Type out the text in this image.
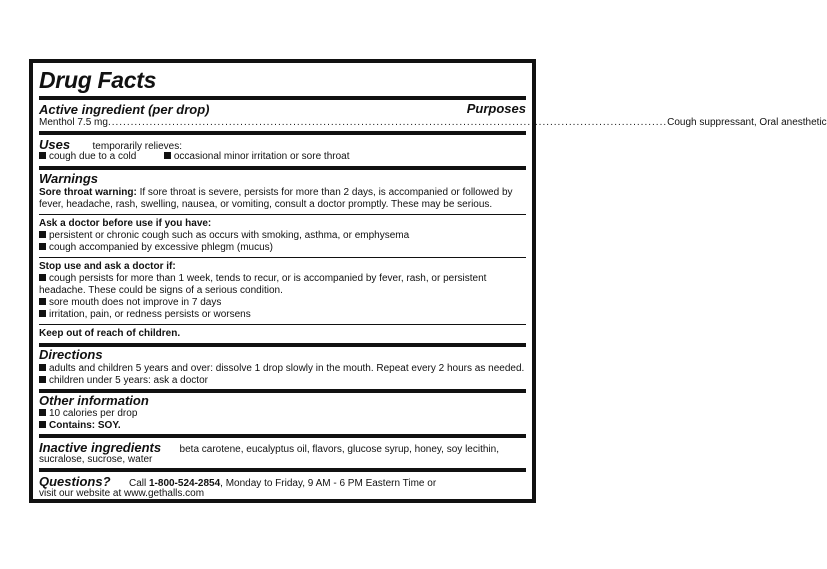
Drug Facts
Active ingredient (per drop)	Purposes
Menthol 7.5 mg .................................................................................................................................................... Cough suppressant, Oral anesthetic
Uses temporarily relieves:
cough due to a cold	occasional minor irritation or sore throat
Warnings
Sore throat warning: If sore throat is severe, persists for more than 2 days, is accompanied or followed by
fever, headache, rash, swelling, nausea, or vomiting, consult a doctor promptly. These may be serious.
Ask a doctor before use if you have:
persistent or chronic cough such as occurs with smoking, asthma, or emphysema
cough accompanied by excessive phlegm (mucus)
Stop use and ask a doctor if:
cough persists for more than 1 week, tends to recur, or is accompanied by fever, rash, or persistent
headache. These could be signs of a serious condition.
sore mouth does not improve in 7 days
irritation, pain, or redness persists or worsens
Keep out of reach of children.
Directions
adults and children 5 years and over: dissolve 1 drop slowly in the mouth. Repeat every 2 hours as needed.
children under 5 years: ask a doctor
Other information
10 calories per drop
Contains: SOY.
Inactive ingredients beta carotene, eucalyptus oil, flavors, glucose syrup, honey, soy lecithin,
sucralose, sucrose, water
Questions? Call 1-800-524-2854, Monday to Friday, 9 AM - 6 PM Eastern Time or
visit our website at www.gethalls.com
